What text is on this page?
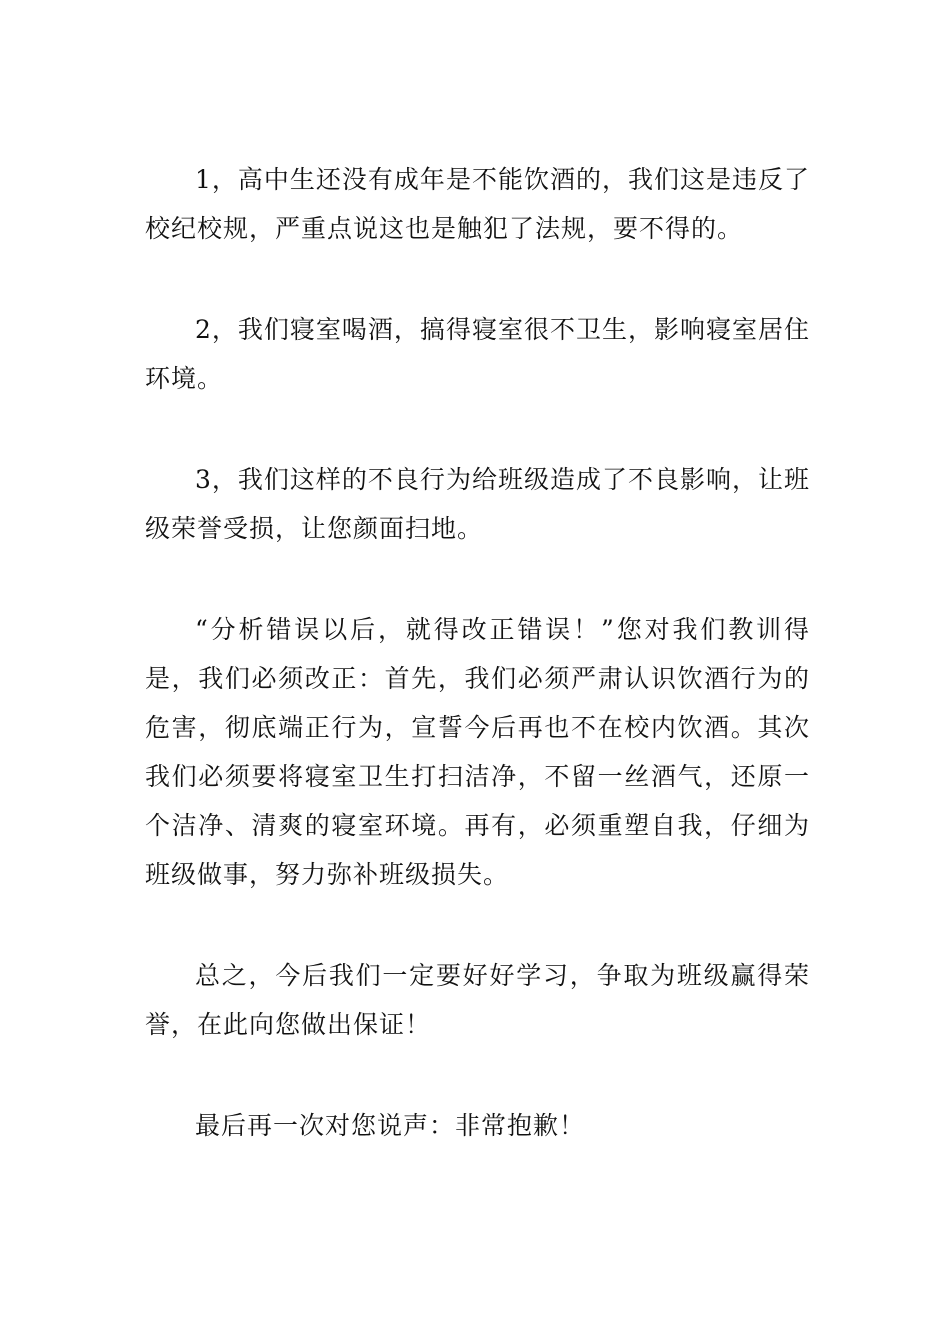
1，高中生还没有成年是不能饮酒的，我们这是违反了校纪校规，严重点说这也是触犯了法规，要不得的。

2，我们寝室喝酒，搞得寝室很不卫生，影响寝室居住环境。

3，我们这样的不良行为给班级造成了不良影响，让班级荣誉受损，让您颜面扫地。

“分析错误以后，就得改正错误！”您对我们教训得是，我们必须改正：首先，我们必须严肃认识饮酒行为的危害，彻底端正行为，宣誓今后再也不在校内饮酒。其次我们必须要将寝室卫生打扫洁净，不留一丝酒气，还原一个洁净、清爽的寝室环境。再有，必须重塑自我，仔细为班级做事，努力弥补班级损失。

总之，今后我们一定要好好学习，争取为班级赢得荣誉，在此向您做出保证！

最后再一次对您说声：非常抱歉！
